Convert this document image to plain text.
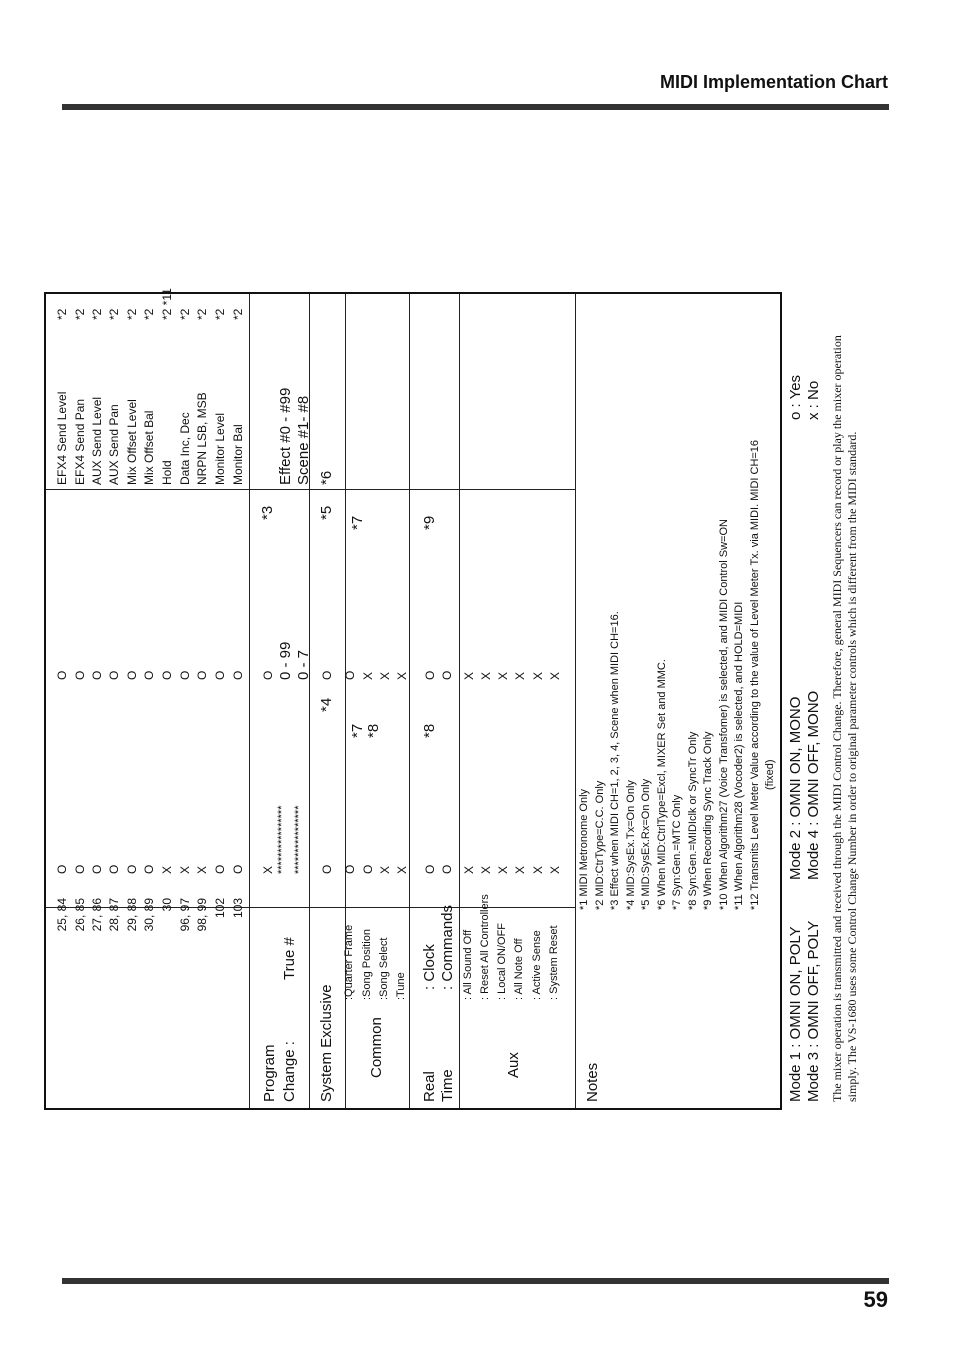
MIDI Implementation Chart
25, 84 26, 85 27, 86 28, 87 29, 88 30, 89 30 96, 97 98, 99 102 103
O O O O O O X X X O O
O O O O O O O O O O O
EFX4 Send Level EFX4 Send Pan AUX Send Level AUX Send Pan Mix Offset Level Mix Offset Bal Hold Data Inc, Dec NRPN LSB, MSB Monitor Level Monitor Bal
*2 *2 *2 *2 *2 *2 *2 *11 *2 *2 *2 *2
Program Change :
True #
X **************** ****************
O
*3
0 - 99 0 - 7
Effect #0 - #99 Scene #1- #8
System Exclusive
O
*4
O
*5
*6
Common
:Quarter Frame :Song Position :Song Select :Tune
O O X X
*7 *8
O X X X
*7
Real Time
: Clock : Commands
O O
*8
O O
*9
Aux
: All Sound Off : Reset All Controllers : Local ON/OFF : All Note Off : Active Sense : System Reset
X X X X X X
X X X X X X
Notes
*1 MIDI Metronome Only *2 MID:CtrType=C.C. Only *3 Effect when MIDI CH=1, 2, 3, 4, Scene when MIDI CH=16. *4 MID:SysEx.Tx=On Only *5 MID:SysEx.Rx=On Only *6 When MID:CtrlType=Excl, MIXER Set and MMC. *7 Syn:Gen.=MTC Only *8 Syn:Gen.=MIDIclk or SyncTr Only *9 When Recording Sync Track Only *10 When Algorithm27 (Voice Transfomer) is selected, and MIDI Control Sw=ON *11 When Algorithm28 (Vocoder2) is selected, and HOLD=MIDI *12 Transmits Level Meter Value according to the value of Level Meter Tx. via MIDI. MIDI CH=16 (fixed)
Mode 1 : OMNI ON, POLY Mode 3 : OMNI OFF, POLY
Mode 2 : OMNI ON, MONO Mode 4 : OMNI OFF, MONO
o : Yes x : No The mixer operation is transmitted and received through the MIDI Control Change. Therefore, general MIDI Sequencers can record or play the mixer operation simply. The VS-1680 uses some Control Change Number in order to original parameter controls which is different from the MIDI standard.
59
